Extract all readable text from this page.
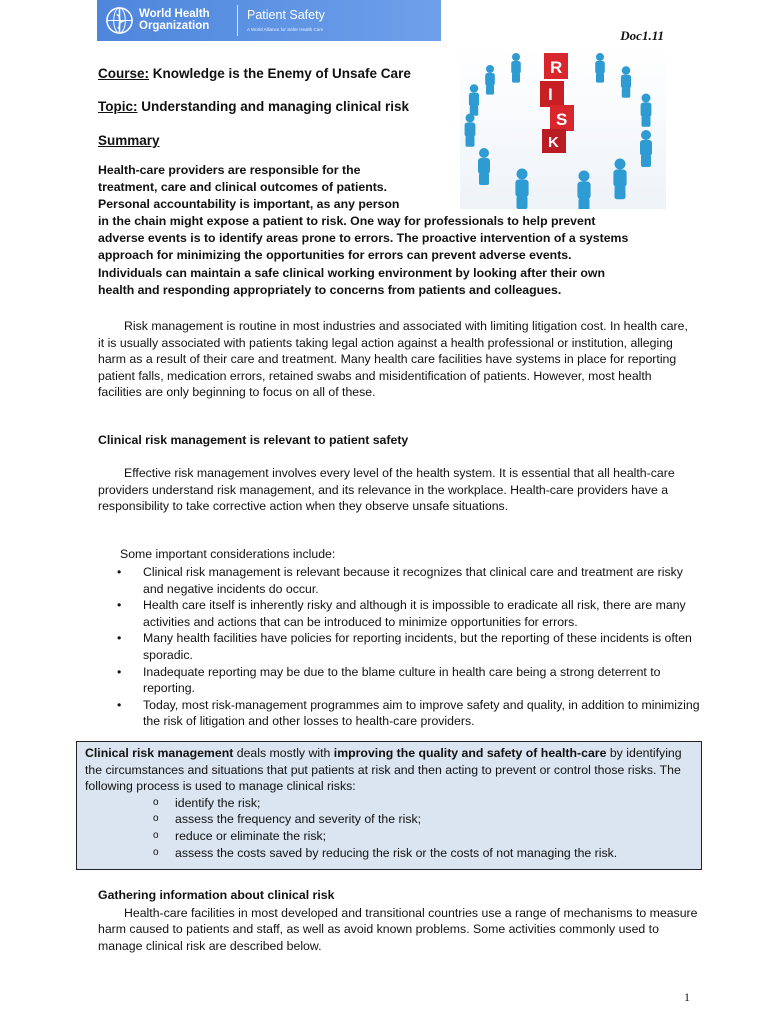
World Health
Organization
Patient Safety
A World Alliance for Safer Health Care	Doc1.11
Course: Knowledge is the Enemy of Unsafe Care
Topic: Understanding and managing clinical risk
Summary
R
I
S
K
Health-care providers are responsible for the
treatment, care and clinical outcomes of patients.
Personal accountability is important, as any person
in the chain might expose a patient to risk. One way for professionals to help prevent
adverse events is to identify areas prone to errors. The proactive intervention of a systems
approach for minimizing the opportunities for errors can prevent adverse events.
Individuals can maintain a safe clinical working environment by looking after their own
health and responding appropriately to concerns from patients and colleagues.
Risk management is routine in most industries and associated with limiting litigation cost. In health care, it is usually associated with patients taking legal action against a health professional or institution, alleging harm as a result of their care and treatment. Many health care facilities have systems in place for reporting patient falls, medication errors, retained swabs and misidentification of patients. However, most health facilities are only beginning to focus on all of these.
Clinical risk management is relevant to patient safety
Effective risk management involves every level of the health system. It is essential that all health-care providers understand risk management, and its relevance in the workplace. Health-care providers have a responsibility to take corrective action when they observe unsafe situations.
Some important considerations include:
• Clinical risk management is relevant because it recognizes that clinical care and treatment are risky and negative incidents do occur.
• Health care itself is inherently risky and although it is impossible to eradicate all risk, there are many activities and actions that can be introduced to minimize opportunities for errors.
• Many health facilities have policies for reporting incidents, but the reporting of these incidents is often sporadic.
• Inadequate reporting may be due to the blame culture in health care being a strong deterrent to reporting.
• Today, most risk-management programmes aim to improve safety and quality, in addition to minimizing the risk of litigation and other losses to health-care providers.
Clinical risk management deals mostly with improving the quality and safety of health-care by identifying the circumstances and situations that put patients at risk and then acting to prevent or control those risks. The following process is used to manage clinical risks:
o identify the risk;
o assess the frequency and severity of the risk;
o reduce or eliminate the risk;
o assess the costs saved by reducing the risk or the costs of not managing the risk.
Gathering information about clinical risk
Health-care facilities in most developed and transitional countries use a range of mechanisms to measure harm caused to patients and staff, as well as avoid known problems. Some activities commonly used to manage clinical risk are described below.
1
